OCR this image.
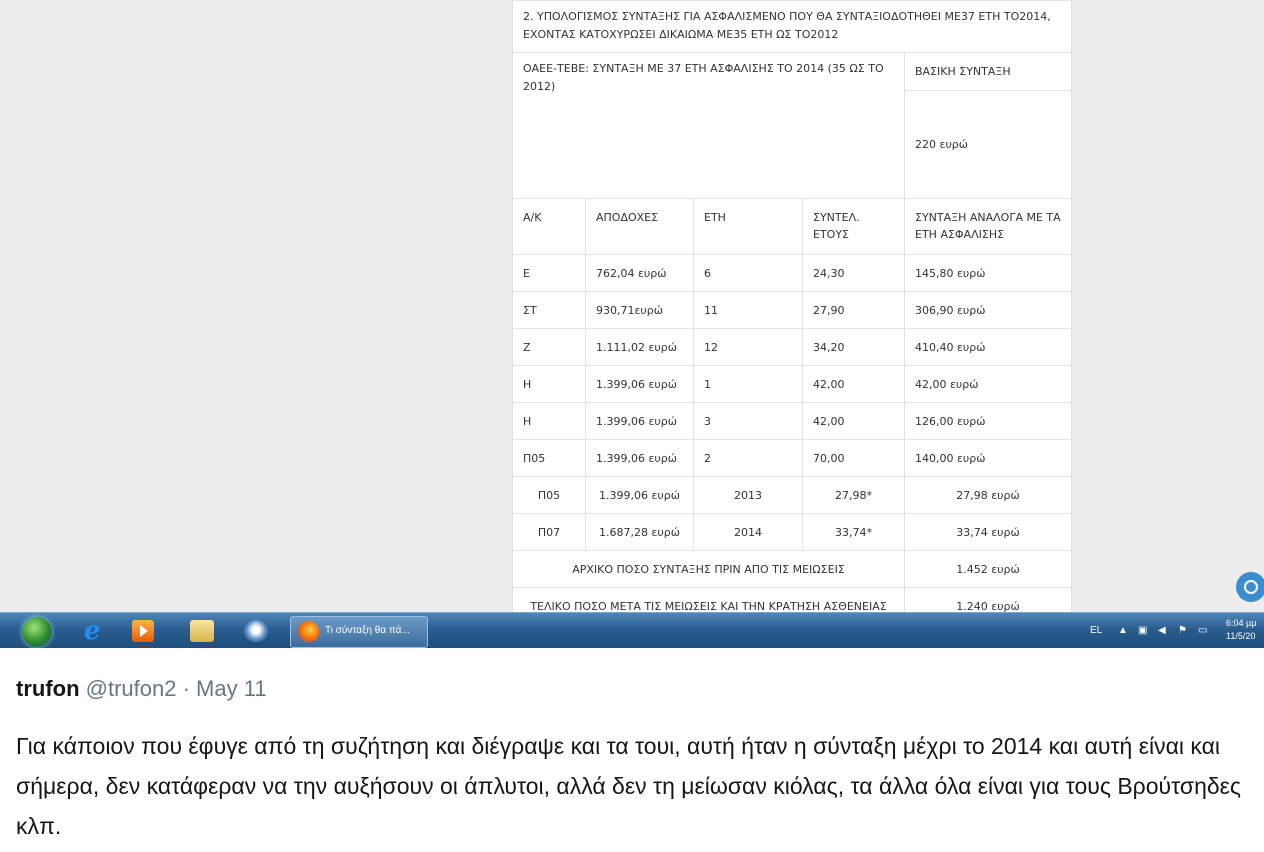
2. ΥΠΟΛΟΓΙΣΜΟΣ ΣΥΝΤΑΞΗΣ ΓΙΑ ΑΣΦΑΛΙΣΜΕΝΟ ΠΟΥ ΘΑ ΣΥΝΤΑΞΙΟΔΟΤΗΘΕΙ ΜΕ37 ΕΤΗ ΤΟ2014, ΕΧΟΝΤΑΣ ΚΑΤΟΧΥΡΩΣΕΙ ΔΙΚΑΙΩΜΑ ΜΕ35 ΕΤΗ ΩΣ ΤΟ2012				
ΟΑΕΕ-ΤΕΒΕ: ΣΥΝΤΑΞΗ ΜΕ 37 ΕΤΗ ΑΣΦΑΛΙΣΗΣ ΤΟ 2014 (35 ΩΣ ΤΟ 2012)				ΒΑΣΙΚΗ ΣΥΝΤΑΞΗ
				220 ευρώ
Α/Κ	ΑΠΟΔΟΧΕΣ	ΕΤΗ	ΣΥΝΤΕΛ. ΕΤΟΥΣ	ΣΥΝΤΑΞΗ ΑΝΑΛΟΓΑ ΜΕ ΤΑ ΕΤΗ ΑΣΦΑΛΙΣΗΣ
Ε	762,04 ευρώ	6	24,30	145,80 ευρώ
ΣΤ	930,71ευρώ	11	27,90	306,90 ευρώ
Ζ	1.111,02 ευρώ	12	34,20	410,40 ευρώ
Η	1.399,06 ευρώ	1	42,00	42,00 ευρώ
Η	1.399,06 ευρώ	3	42,00	126,00 ευρώ
Π05	1.399,06 ευρώ	2	70,00	140,00 ευρώ
Π05	1.399,06 ευρώ	2013	27,98*	27,98 ευρώ
Π07	1.687,28 ευρώ	2014	33,74*	33,74 ευρώ
ΑΡΧΙΚΟ ΠΟΣΟ ΣΥΝΤΑΞΗΣ ΠΡΙΝ ΑΠΟ ΤΙΣ ΜΕΙΩΣΕΙΣ				1.452 ευρώ
ΤΕΛΙΚΟ ΠΟΣΟ ΜΕΤΑ ΤΙΣ ΜΕΙΩΣΕΙΣ ΚΑΙ ΤΗΝ ΚΡΑΤΗΣΗ ΑΣΘΕΝΕΙΑΣ				1.240 ευρώ
e	Τι σύνταξη θα πά...	EL ▲ ▣ ◀ ⚑ ▭
6:04 μμ
11/5/20
trufon @trufon2 · May 11
Για κάποιον που έφυγε από τη συζήτηση και διέγραψε και τα τουι, αυτή ήταν η σύνταξη μέχρι το 2014 και αυτή είναι και σήμερα, δεν κατάφεραν να την αυξήσουν οι άπλυτοι, αλλά δεν τη μείωσαν κιόλας, τα άλλα όλα είναι για τους Βρούτσηδες κλπ.
